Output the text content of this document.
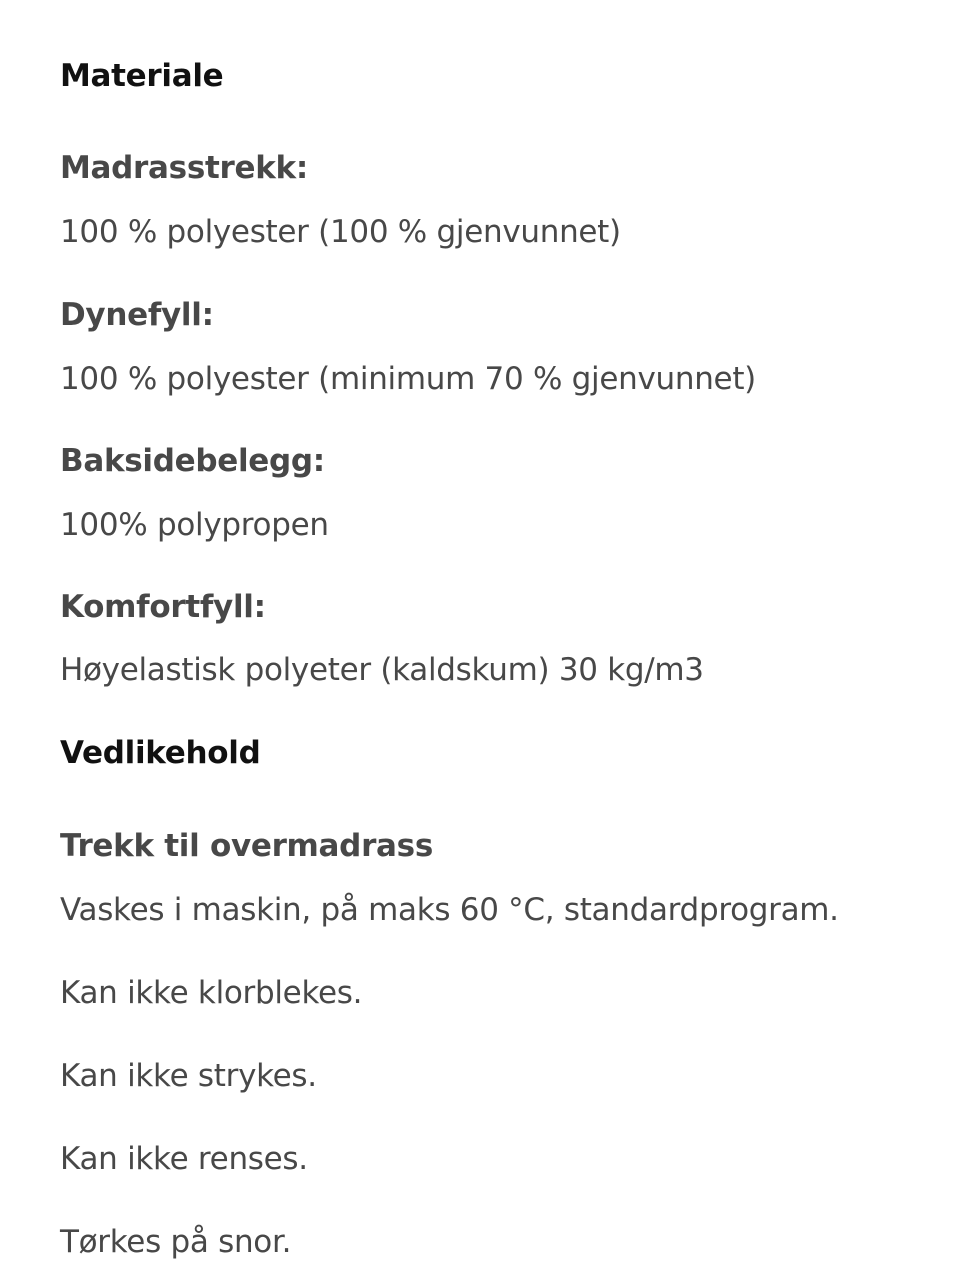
Materiale
Madrasstrekk:
100 % polyester (100 % gjenvunnet)
Dynefyll:
100 % polyester (minimum 70 % gjenvunnet)
Baksidebelegg:
100% polypropen
Komfortfyll:
Høyelastisk polyeter (kaldskum) 30 kg/m3
Vedlikehold
Trekk til overmadrass
Vaskes i maskin, på maks 60 °C, standardprogram.
Kan ikke klorblekes.
Kan ikke strykes.
Kan ikke renses.
Tørkes på snor.
